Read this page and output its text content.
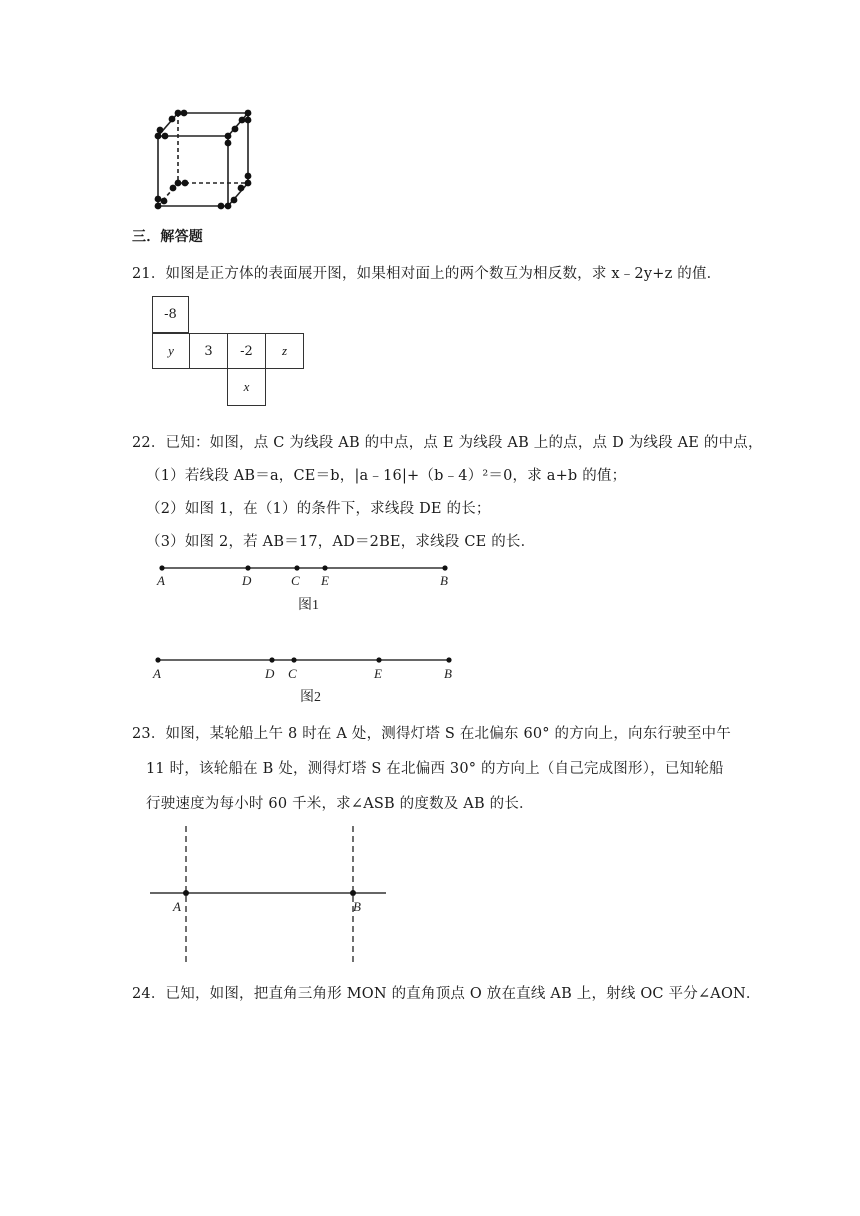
三．解答题
21．如图是正方体的表面展开图，如果相对面上的两个数互为相反数，求 x﹣2y+z 的值．
-8
y 3 -2 z
x
22．已知：如图，点 C 为线段 AB 的中点，点 E 为线段 AB 上的点，点 D 为线段 AE 的中点，
（1）若线段 AB＝a，CE＝b，|a﹣16|+（b﹣4）²＝0，求 a+b 的值；
（2）如图 1，在（1）的条件下，求线段 DE 的长；
（3）如图 2，若 AB＝17，AD＝2BE，求线段 CE 的长．
A	D	C E	B
图1
A	D C	E	B
图2
23．如图，某轮船上午 8 时在 A 处，测得灯塔 S 在北偏东 60° 的方向上，向东行驶至中午
11 时，该轮船在 B 处，测得灯塔 S 在北偏西 30° 的方向上（自己完成图形），已知轮船
行驶速度为每小时 60 千米，求∠ASB 的度数及 AB 的长．
A	B
24．已知，如图，把直角三角形 MON 的直角顶点 O 放在直线 AB 上，射线 OC 平分∠AON．
